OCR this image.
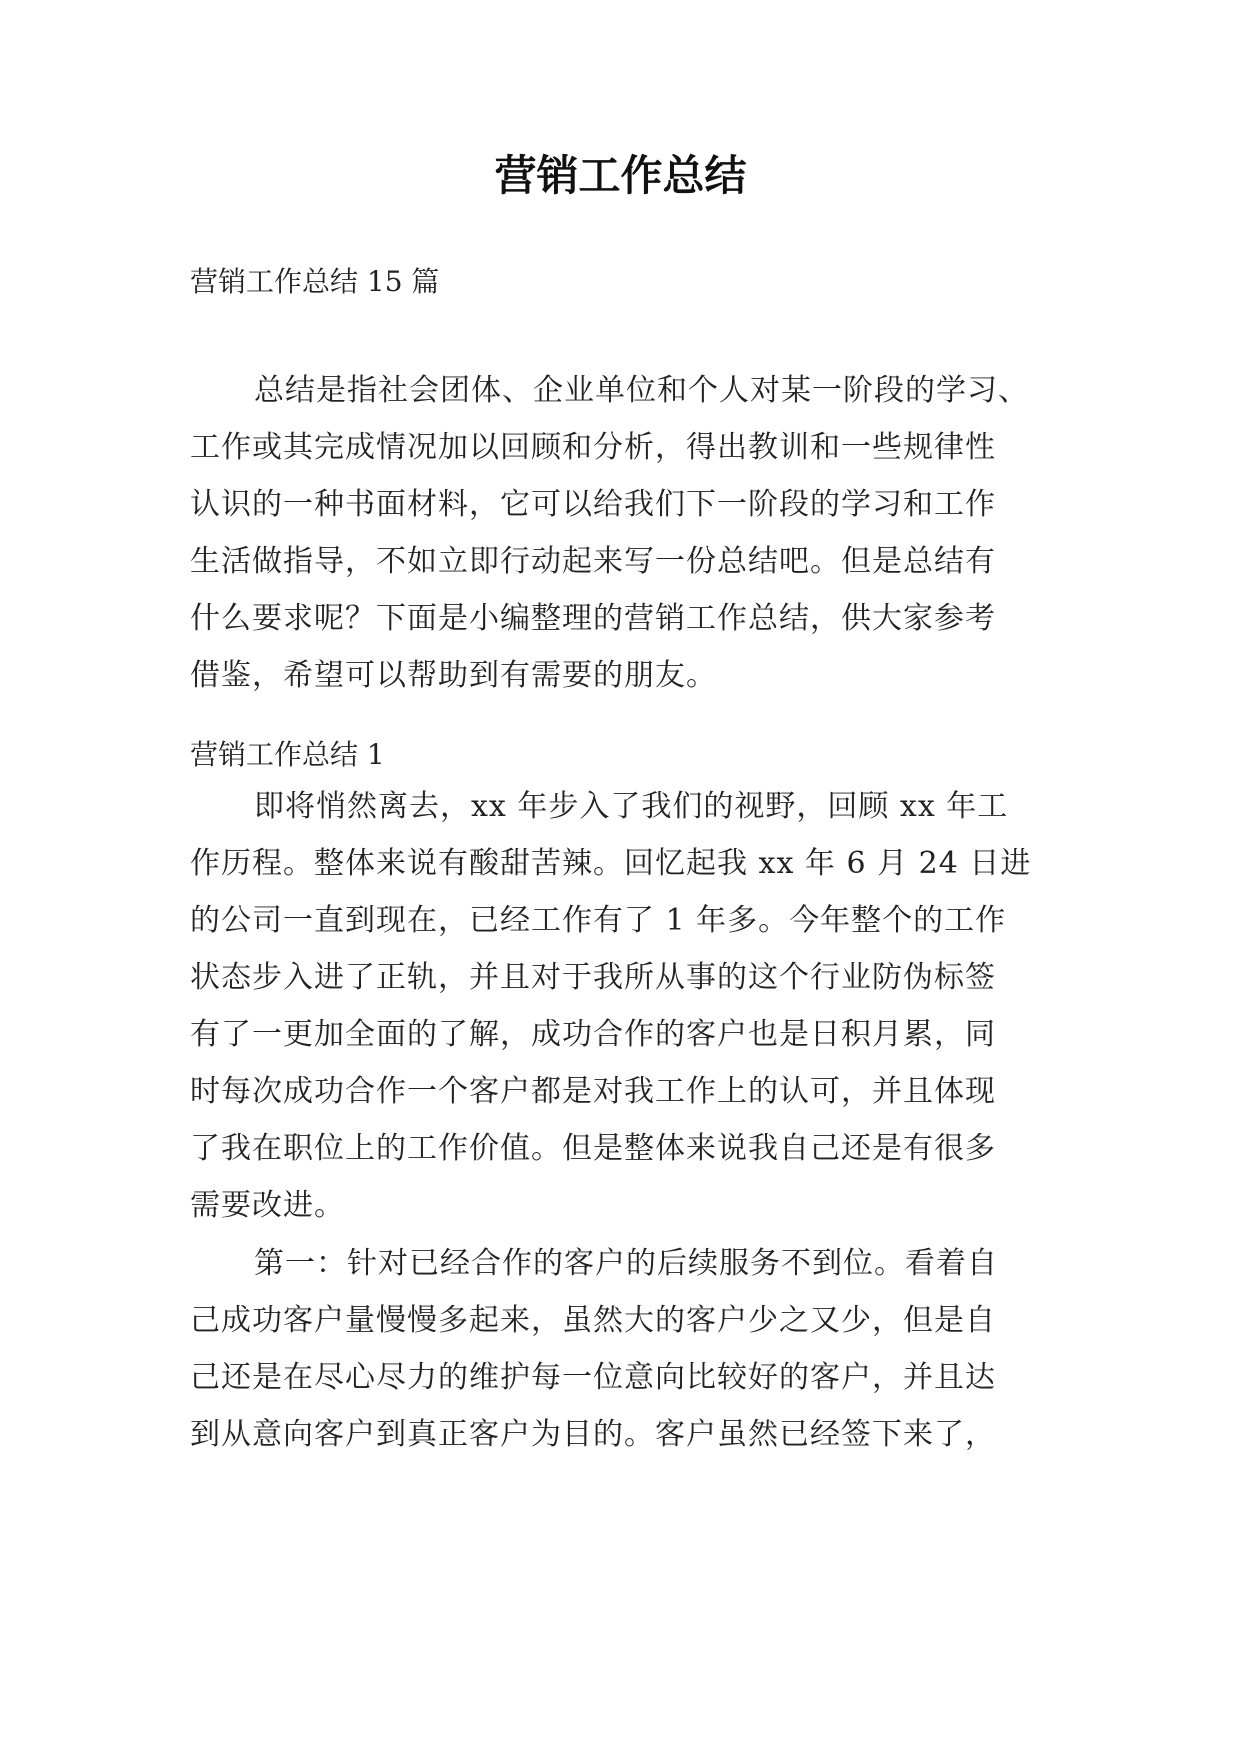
营销工作总结
营销工作总结 15 篇
总结是指社会团体、企业单位和个人对某一阶段的学习、
工作或其完成情况加以回顾和分析，得出教训和一些规律性
认识的一种书面材料，它可以给我们下一阶段的学习和工作
生活做指导，不如立即行动起来写一份总结吧。但是总结有
什么要求呢？下面是小编整理的营销工作总结，供大家参考
借鉴，希望可以帮助到有需要的朋友。
营销工作总结 1
即将悄然离去，xx 年步入了我们的视野，回顾 xx 年工
作历程。整体来说有酸甜苦辣。回忆起我 xx 年 6 月 24 日进
的公司一直到现在，已经工作有了 1 年多。今年整个的工作
状态步入进了正轨，并且对于我所从事的这个行业防伪标签
有了一更加全面的了解，成功合作的客户也是日积月累，同
时每次成功合作一个客户都是对我工作上的认可，并且体现
了我在职位上的工作价值。但是整体来说我自己还是有很多
需要改进。
第一：针对已经合作的客户的后续服务不到位。看着自
己成功客户量慢慢多起来，虽然大的客户少之又少，但是自
己还是在尽心尽力的维护每一位意向比较好的客户，并且达
到从意向客户到真正客户为目的。客户虽然已经签下来了，
